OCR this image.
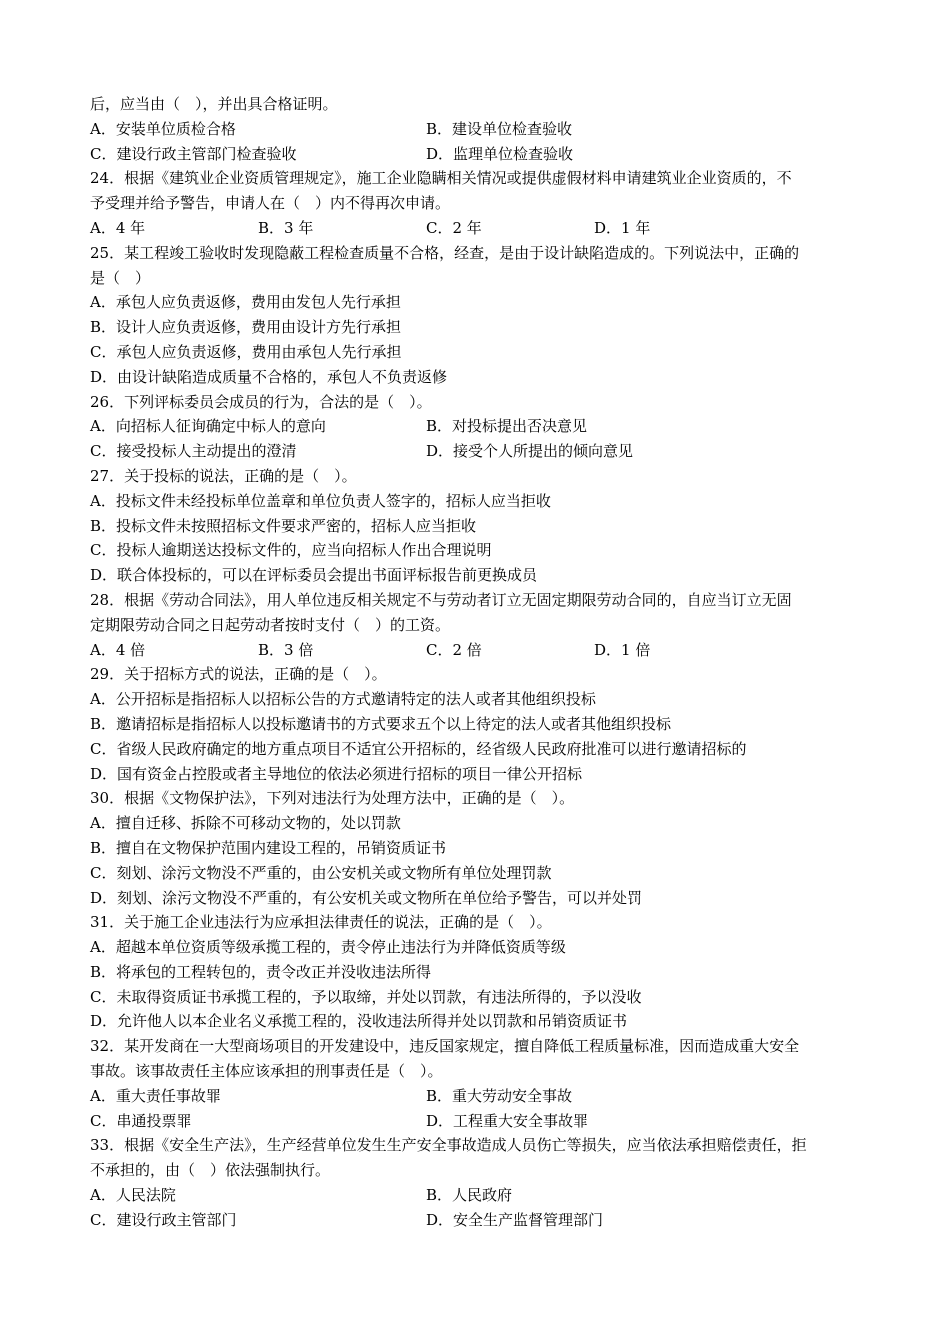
后，应当由（　），并出具合格证明。
A．安装单位质检合格	B．建设单位检查验收
C．建设行政主管部门检查验收	D．监理单位检查验收
24．根据《建筑业企业资质管理规定》，施工企业隐瞒相关情况或提供虚假材料申请建筑业企业资质的，不
予受理并给予警告，申请人在（　）内不得再次申请。
A．4 年	B．3 年	C．2 年	D．1 年
25．某工程竣工验收时发现隐蔽工程检查质量不合格，经查，是由于设计缺陷造成的。下列说法中，正确的
是（　）
A．承包人应负责返修，费用由发包人先行承担
B．设计人应负责返修，费用由设计方先行承担
C．承包人应负责返修，费用由承包人先行承担
D．由设计缺陷造成质量不合格的，承包人不负责返修
26．下列评标委员会成员的行为，合法的是（　）。
A．向招标人征询确定中标人的意向	B．对投标提出否决意见
C．接受投标人主动提出的澄清	D．接受个人所提出的倾向意见
27．关于投标的说法，正确的是（　）。
A．投标文件未经投标单位盖章和单位负责人签字的，招标人应当拒收
B．投标文件未按照招标文件要求严密的，招标人应当拒收
C．投标人逾期送达投标文件的，应当向招标人作出合理说明
D．联合体投标的，可以在评标委员会提出书面评标报告前更换成员
28．根据《劳动合同法》，用人单位违反相关规定不与劳动者订立无固定期限劳动合同的，自应当订立无固
定期限劳动合同之日起劳动者按时支付（　）的工资。
A．4 倍	B．3 倍	C．2 倍	D．1 倍
29．关于招标方式的说法，正确的是（　）。
A．公开招标是指招标人以招标公告的方式邀请特定的法人或者其他组织投标
B．邀请招标是指招标人以投标邀请书的方式要求五个以上待定的法人或者其他组织投标
C．省级人民政府确定的地方重点项目不适宜公开招标的，经省级人民政府批准可以进行邀请招标的
D．国有资金占控股或者主导地位的依法必须进行招标的项目一律公开招标
30．根据《文物保护法》，下列对违法行为处理方法中，正确的是（　）。
A．擅自迁移、拆除不可移动文物的，处以罚款
B．擅自在文物保护范围内建设工程的，吊销资质证书
C．刻划、涂污文物没不严重的，由公安机关或文物所有单位处理罚款
D．刻划、涂污文物没不严重的，有公安机关或文物所在单位给予警告，可以并处罚
31．关于施工企业违法行为应承担法律责任的说法，正确的是（　）。
A．超越本单位资质等级承揽工程的，责令停止违法行为并降低资质等级
B．将承包的工程转包的，责令改正并没收违法所得
C．未取得资质证书承揽工程的，予以取缔，并处以罚款，有违法所得的，予以没收
D．允许他人以本企业名义承揽工程的，没收违法所得并处以罚款和吊销资质证书
32．某开发商在一大型商场项目的开发建设中，违反国家规定，擅自降低工程质量标准，因而造成重大安全
事故。该事故责任主体应该承担的刑事责任是（　）。
A．重大责任事故罪	B．重大劳动安全事故
C．串通投票罪	D．工程重大安全事故罪
33．根据《安全生产法》，生产经营单位发生生产安全事故造成人员伤亡等损失，应当依法承担赔偿责任，拒
不承担的，由（　）依法强制执行。
A．人民法院	B．人民政府
C．建设行政主管部门	D．安全生产监督管理部门
